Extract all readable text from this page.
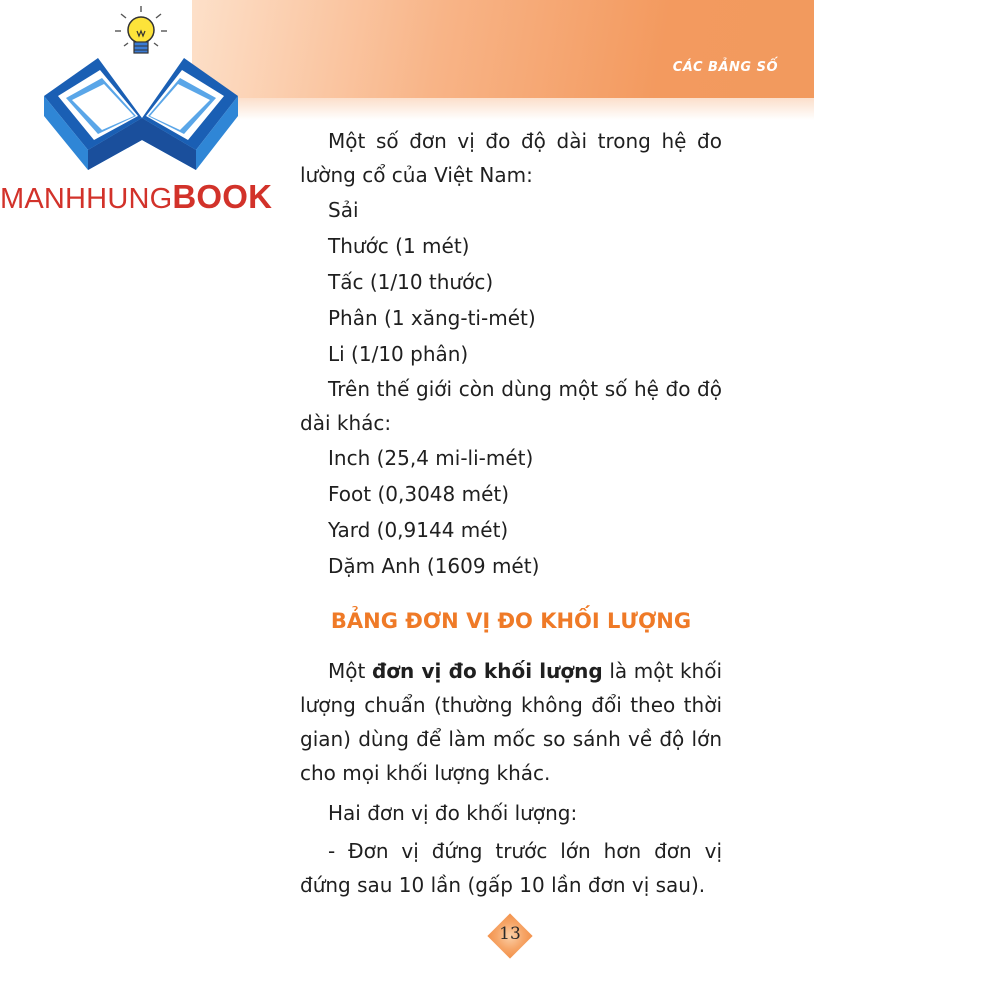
CÁC BẢNG SỐ
MANHHUNGBOOK

Một số đơn vị đo độ dài trong hệ đo lường cổ của Việt Nam:

Sải
Thước (1 mét)
Tấc (1/10 thước)
Phân (1 xăng-ti-mét)
Li (1/10 phân)

Trên thế giới còn dùng một số hệ đo độ dài khác:

Inch (25,4 mi-li-mét)
Foot (0,3048 mét)
Yard (0,9144 mét)
Dặm Anh (1609 mét)
BẢNG ĐƠN VỊ ĐO KHỐI LƯỢNG

Một đơn vị đo khối lượng là một khối lượng chuẩn (thường không đổi theo thời gian) dùng để làm mốc so sánh về độ lớn cho mọi khối lượng khác.

Hai đơn vị đo khối lượng:

- Đơn vị đứng trước lớn hơn đơn vị đứng sau 10 lần (gấp 10 lần đơn vị sau).

13
